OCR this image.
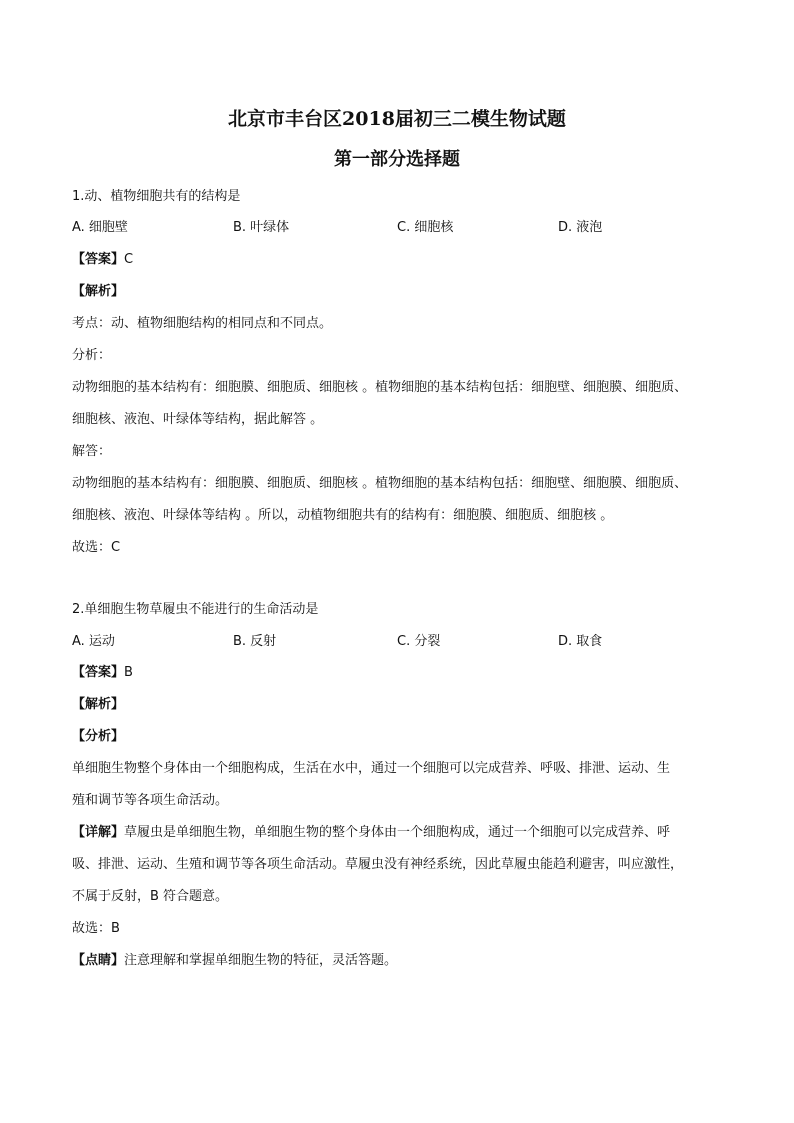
北京市丰台区2018届初三二模生物试题
第一部分选择题
1.动、植物细胞共有的结构是
A. 细胞壁	B. 叶绿体	C. 细胞核	D. 液泡
【答案】C
【解析】
考点：动、植物细胞结构的相同点和不同点。
分析：
动物细胞的基本结构有：细胞膜、细胞质、细胞核 。植物细胞的基本结构包括：细胞壁、细胞膜、细胞质、
细胞核、液泡、叶绿体等结构，据此解答 。
解答：
动物细胞的基本结构有：细胞膜、细胞质、细胞核 。植物细胞的基本结构包括：细胞壁、细胞膜、细胞质、
细胞核、液泡、叶绿体等结构 。所以，动植物细胞共有的结构有：细胞膜、细胞质、细胞核 。
故选：C
2.单细胞生物草履虫不能进行的生命活动是
A. 运动	B. 反射	C. 分裂	D. 取食
【答案】B
【解析】
【分析】
单细胞生物整个身体由一个细胞构成，生活在水中，通过一个细胞可以完成营养、呼吸、排泄、运动、生
殖和调节等各项生命活动。
【详解】草履虫是单细胞生物，单细胞生物的整个身体由一个细胞构成，通过一个细胞可以完成营养、呼
吸、排泄、运动、生殖和调节等各项生命活动。草履虫没有神经系统，因此草履虫能趋利避害，叫应激性，
不属于反射，B 符合题意。
故选：B
【点睛】注意理解和掌握单细胞生物的特征，灵活答题。
